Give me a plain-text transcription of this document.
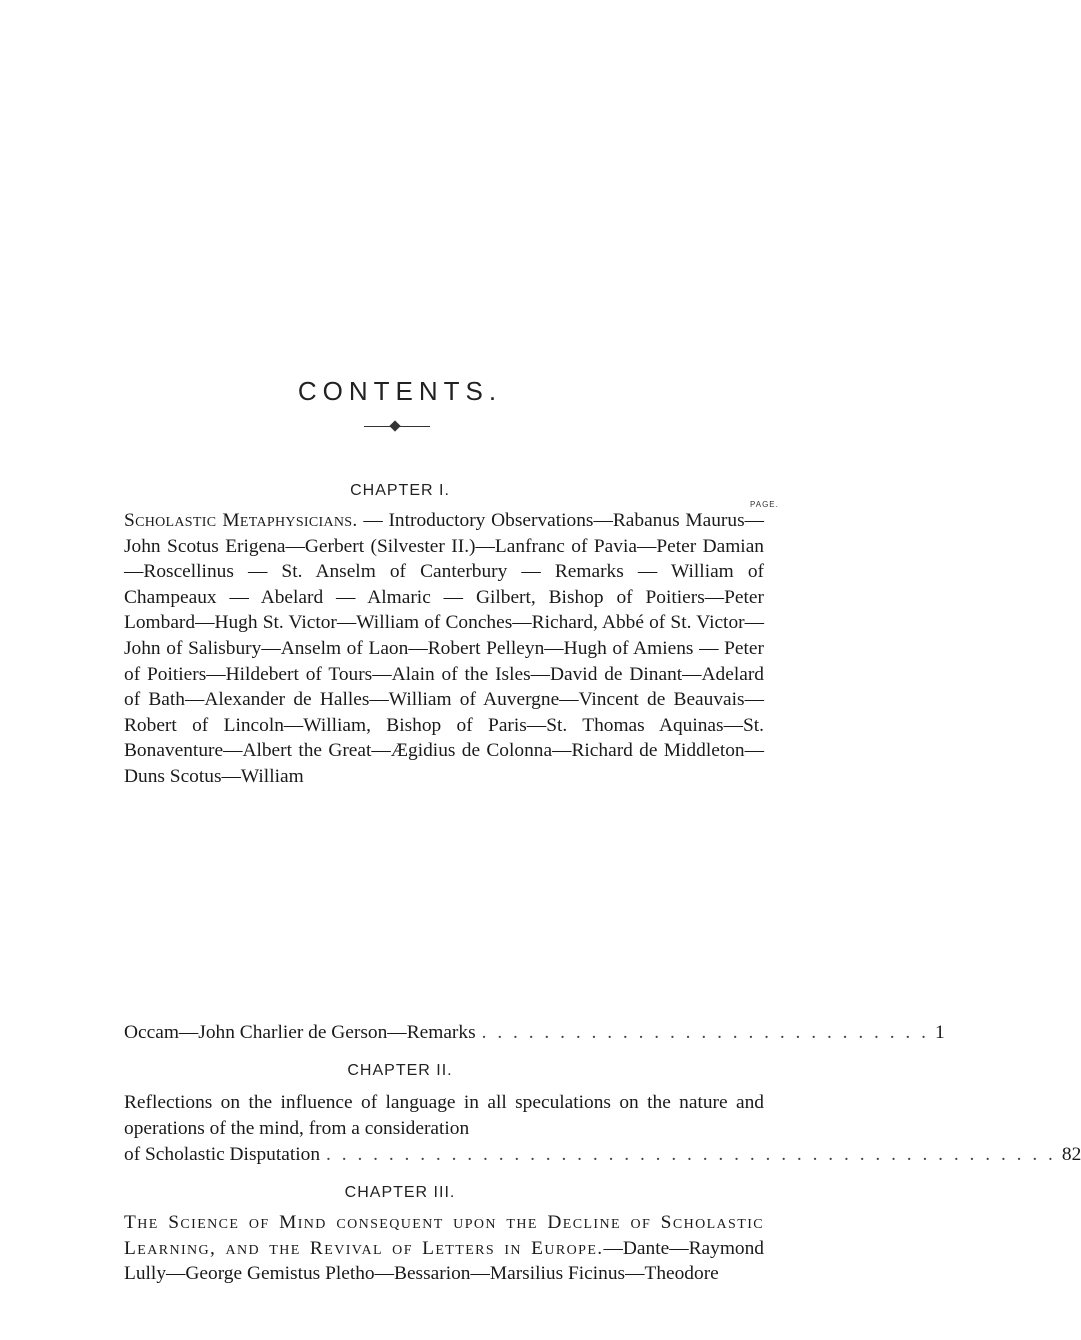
CONTENTS.
CHAPTER I.
PAGE.
Scholastic Metaphysicians. — Introductory Observations—Rabanus Maurus—John Scotus Erigena—Gerbert (Silvester II.)—Lanfranc of Pavia—Peter Damian—Roscellinus — St. Anselm of Canterbury — Remarks — William of Champeaux — Abelard — Almaric — Gilbert, Bishop of Poitiers—Peter Lombard—Hugh St. Victor—William of Conches—Richard, Abbé of St. Victor—John of Salisbury—Anselm of Laon—Robert Pelleyn—Hugh of Amiens — Peter of Poitiers—Hildebert of Tours—Alain of the Isles—David de Dinant—Adelard of Bath—Alexander de Halles—William of Auvergne—Vincent de Beauvais— Robert of Lincoln—William, Bishop of Paris—St. Thomas Aquinas—St. Bonaventure—Albert the Great—Ægidius de Colonna—Richard de Middleton—Duns Scotus—William
Occam—John Charlier de Gerson—Remarks . . . . . . . . . . . . . . . . . . . . . . . . . . . . . 1
CHAPTER II.
Reflections on the influence of language in all speculations on the nature and operations of the mind, from a consideration
of Scholastic Disputation . . . . . . . . . . . . . . . . . . . . . . . . . . . . . . . . . . . . . . . . . . . . . . . 82
CHAPTER III.
The Science of Mind consequent upon the Decline of Scholastic Learning, and the Revival of Letters in Europe.—Dante—Raymond Lully—George Gemistus Pletho—Bessarion—Marsilius Ficinus—Theodore
